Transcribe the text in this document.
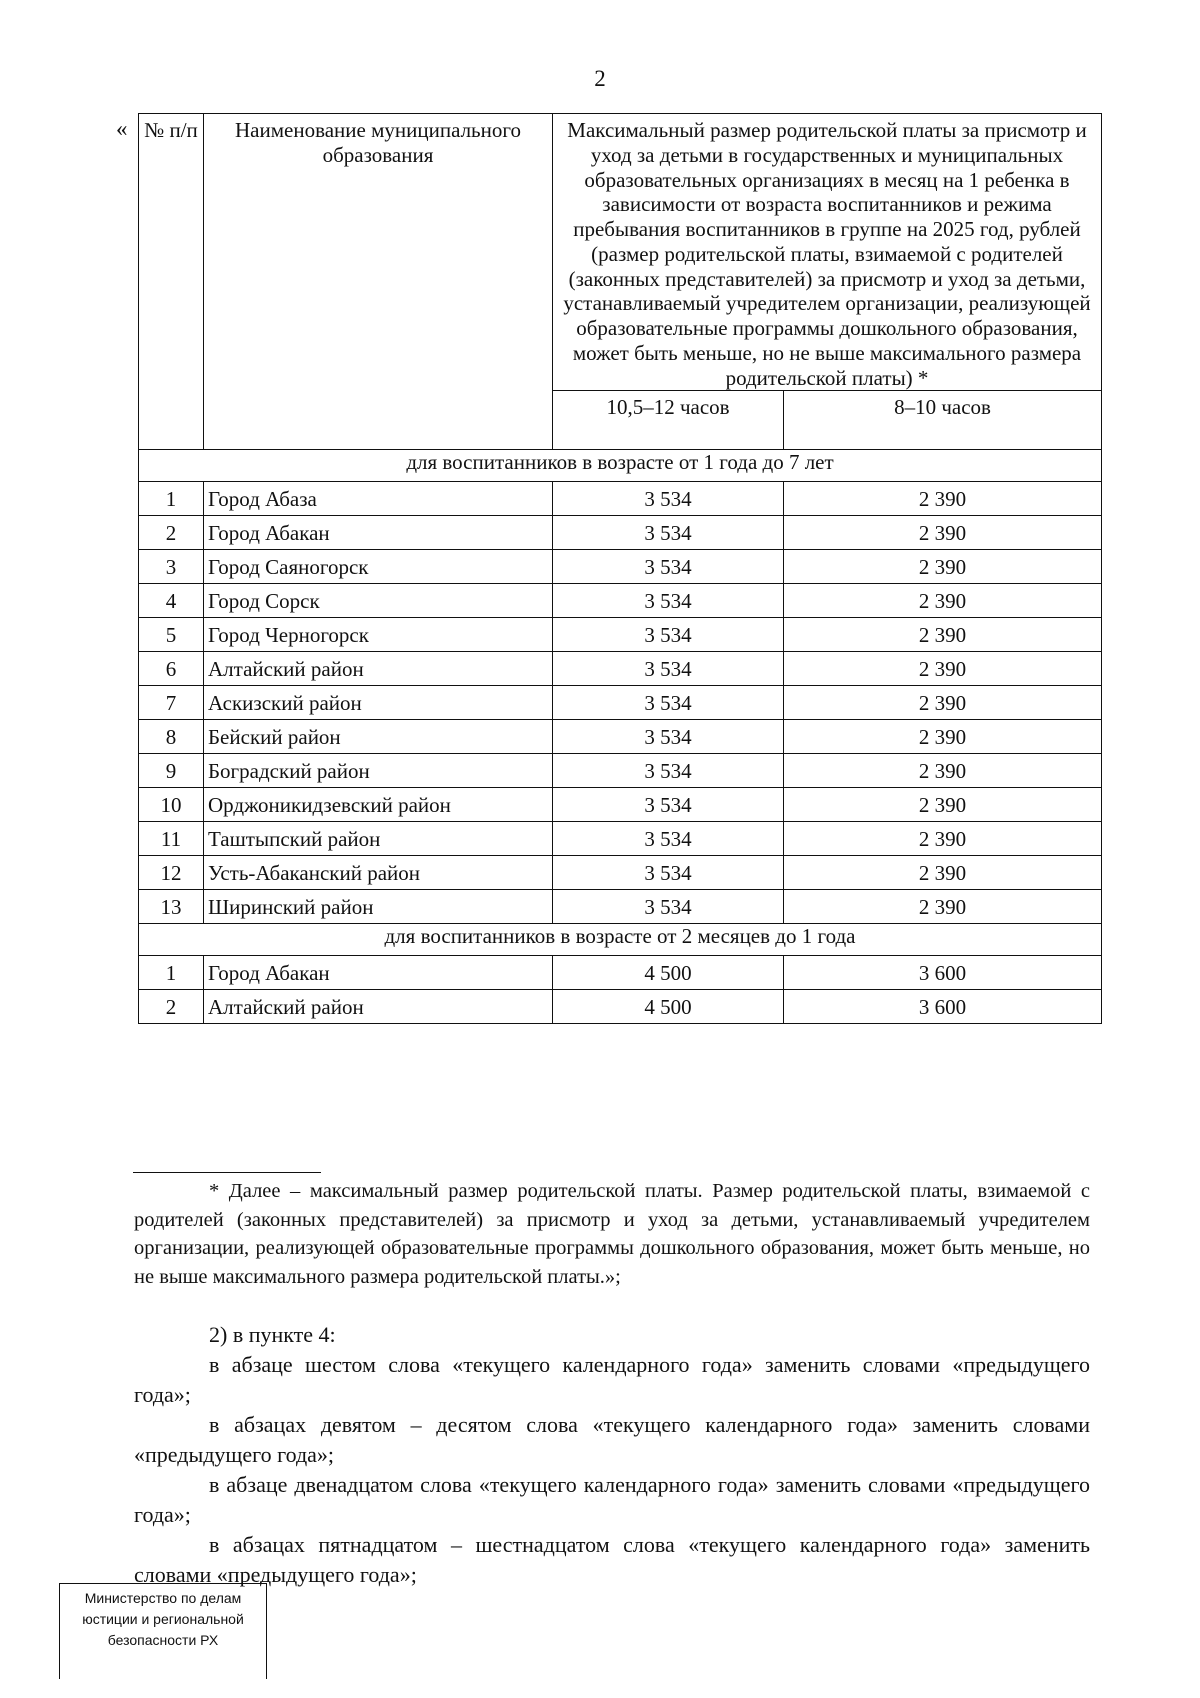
2
« № п/п	Наименование муниципального образования	Максимальный размер родительской платы за присмотр и уход за детьми в государственных и муниципальных образовательных организациях в месяц на 1 ребенка в зависимости от возраста воспитанников и режима пребывания воспитанников в группе на 2025 год, рублей (размер родительской платы, взимаемой с родителей (законных представителей) за присмотр и уход за детьми, устанавливаемый учредителем организации, реализующей образовательные программы дошкольного образования, может быть меньше, но не выше максимального размера родительской платы) *	
		10,5–12 часов	8–10 часов
для воспитанников в возрасте от 1 года до 7 лет			
1	Город Абаза	3 534	2 390
2	Город Абакан	3 534	2 390
3	Город Саяногорск	3 534	2 390
4	Город Сорск	3 534	2 390
5	Город Черногорск	3 534	2 390
6	Алтайский район	3 534	2 390
7	Аскизский район	3 534	2 390
8	Бейский район	3 534	2 390
9	Боградский район	3 534	2 390
10	Орджоникидзевский район	3 534	2 390
11	Таштыпский район	3 534	2 390
12	Усть-Абаканский район	3 534	2 390
13	Ширинский район	3 534	2 390
для воспитанников в возрасте от 2 месяцев до 1 года			
1	Город Абакан	4 500	3 600
2	Алтайский район	4 500	3 600

* Далее – максимальный размер родительской платы. Размер родительской платы, взимаемой с родителей (законных представителей) за присмотр и уход за детьми, устанавливаемый учредителем организации, реализующей образовательные программы дошкольного образования, может быть меньше, но не выше максимального размера родительской платы.»;

2) в пункте 4:

в абзаце шестом слова «текущего календарного года» заменить словами «предыдущего года»;

в абзацах девятом – десятом слова «текущего календарного года» заменить словами «предыдущего года»;

в абзаце двенадцатом слова «текущего календарного года» заменить словами «предыдущего года»;

в абзацах пятнадцатом – шестнадцатом слова «текущего календарного года» заменить словами «предыдущего года»;

Министерство по делам
юстиции и региональной
безопасности РХ
